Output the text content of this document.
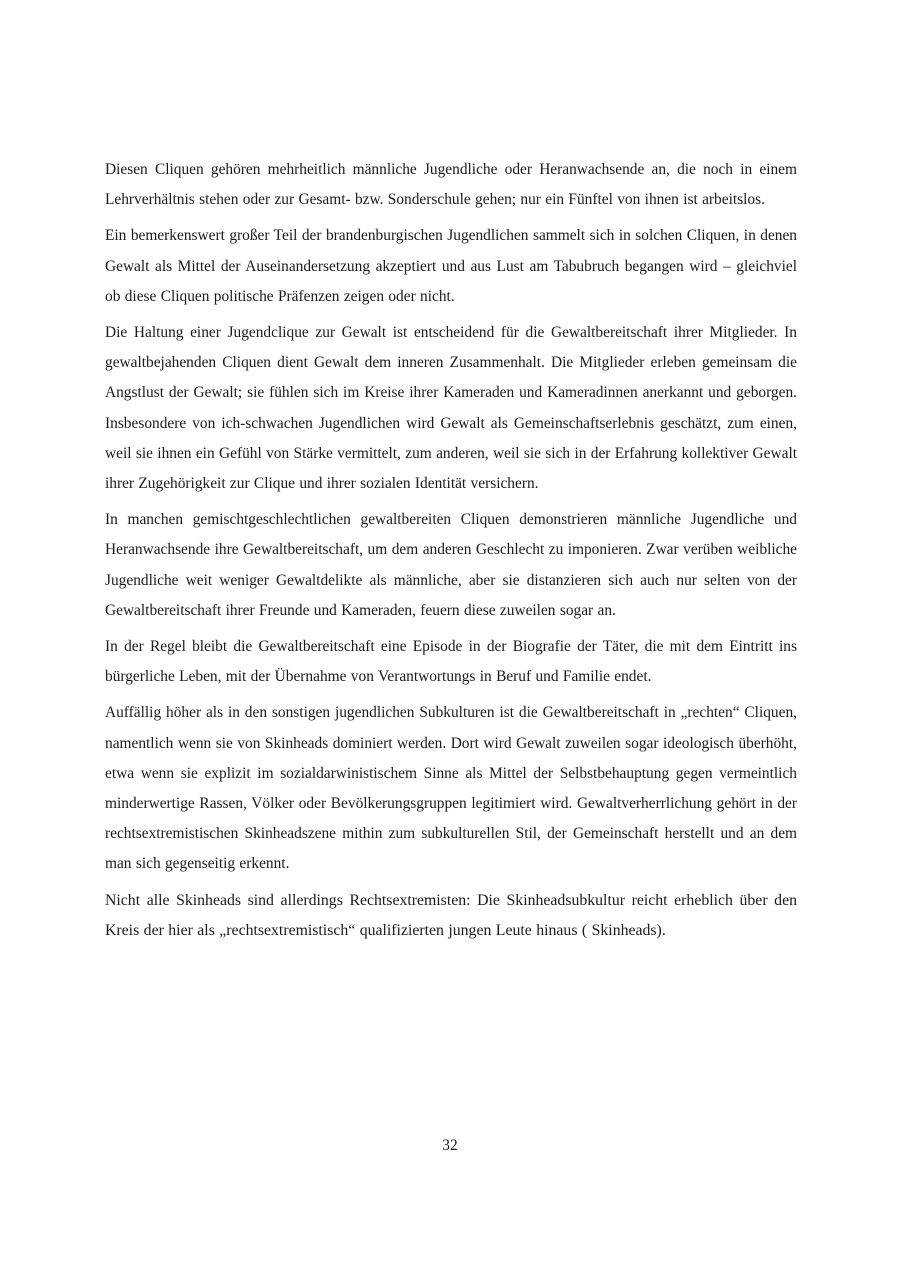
Diesen Cliquen gehören mehrheitlich männliche Jugendliche oder Heranwachsende an, die noch in einem Lehrverhältnis stehen oder zur Gesamt- bzw. Sonderschule gehen; nur ein Fünftel von ihnen ist arbeitslos.

Ein bemerkenswert großer Teil der brandenburgischen Jugendlichen sammelt sich in solchen Cliquen, in denen Gewalt als Mittel der Auseinandersetzung akzeptiert und aus Lust am Tabubruch begangen wird – gleichviel ob diese Cliquen politische Präfenzen zeigen oder nicht.

Die Haltung einer Jugendclique zur Gewalt ist entscheidend für die Gewaltbereitschaft ihrer Mitglieder. In gewaltbejahenden Cliquen dient Gewalt dem inneren Zusammenhalt. Die Mitglieder erleben gemeinsam die Angstlust der Gewalt; sie fühlen sich im Kreise ihrer Kameraden und Kameradinnen anerkannt und geborgen. Insbesondere von ich-schwachen Jugendlichen wird Gewalt als Gemeinschaftserlebnis geschätzt, zum einen, weil sie ihnen ein Gefühl von Stärke vermittelt, zum anderen, weil sie sich in der Erfahrung kollektiver Gewalt ihrer Zugehörigkeit zur Clique und ihrer sozialen Identität versichern.

In manchen gemischtgeschlechtlichen gewaltbereiten Cliquen demonstrieren männliche Jugendliche und Heranwachsende ihre Gewaltbereitschaft, um dem anderen Geschlecht zu imponieren. Zwar verüben weibliche Jugendliche weit weniger Gewaltdelikte als männliche, aber sie distanzieren sich auch nur selten von der Gewaltbereitschaft ihrer Freunde und Kameraden, feuern diese zuweilen sogar an.

In der Regel bleibt die Gewaltbereitschaft eine Episode in der Biografie der Täter, die mit dem Eintritt ins bürgerliche Leben, mit der Übernahme von Verantwortungs in Beruf und Familie endet.

Auffällig höher als in den sonstigen jugendlichen Subkulturen ist die Gewaltbereitschaft in „rechten“ Cliquen, namentlich wenn sie von Skinheads dominiert werden. Dort wird Gewalt zuweilen sogar ideologisch überhöht, etwa wenn sie explizit im sozialdarwinistischem Sinne als Mittel der Selbstbehauptung gegen vermeintlich minderwertige Rassen, Völker oder Bevölkerungsgruppen legitimiert wird. Gewaltverherrlichung gehört in der rechtsextremistischen Skinheadszene mithin zum subkulturellen Stil, der Gemeinschaft herstellt und an dem man sich gegenseitig erkennt.

Nicht alle Skinheads sind allerdings Rechtsextremisten: Die Skinheadsubkultur reicht erheblich über den Kreis der hier als „rechtsextremistisch“ qualifizierten jungen Leute hinaus ( Skinheads).

32
